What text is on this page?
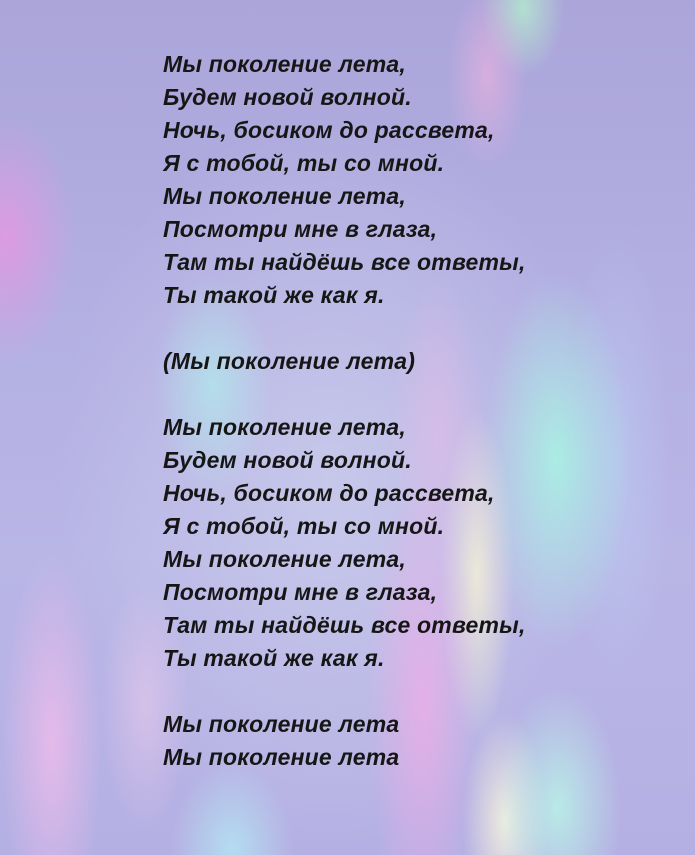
Мы поколение лета,
Будем новой волной.
Ночь, босиком до рассвета,
Я с тобой, ты со мной.
Мы поколение лета,
Посмотри мне в глаза,
Там ты найдёшь все ответы,
Ты такой же как я.

(Мы поколение лета)

Мы поколение лета,
Будем новой волной.
Ночь, босиком до рассвета,
Я с тобой, ты со мной.
Мы поколение лета,
Посмотри мне в глаза,
Там ты найдёшь все ответы,
Ты такой же как я.

Мы поколение лета
Мы поколение лета
